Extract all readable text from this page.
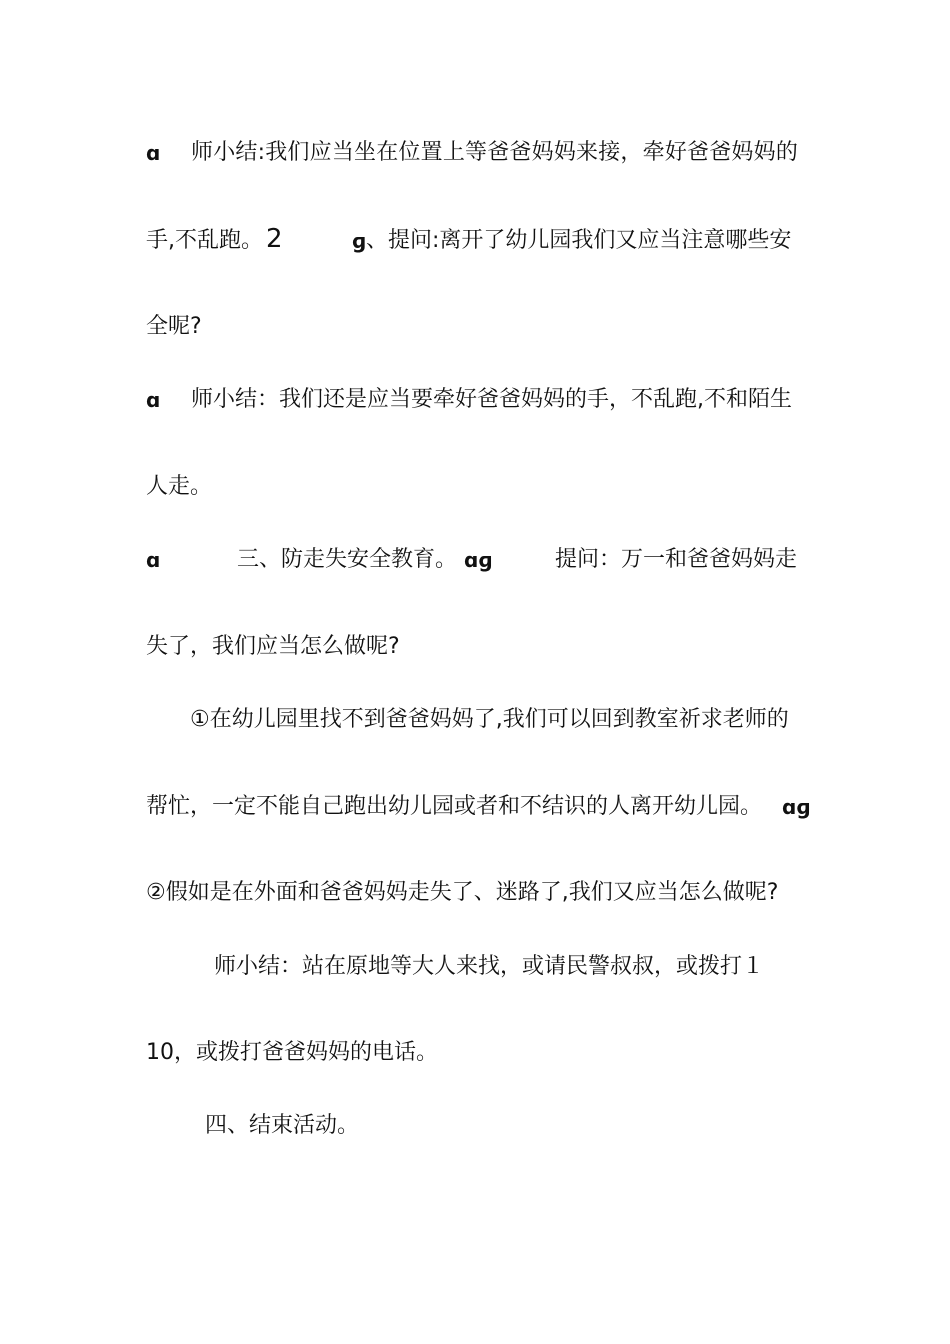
ɑ 师小结:我们应当坐在位置上等爸爸妈妈来接，牵好爸爸妈妈的
手,不乱跑。 2	ɡ 、提问:离开了幼儿园我们又应当注意哪些安
全呢?
ɑ 师小结：我们还是应当要牵好爸爸妈妈的手，不乱跑,不和陌生
人走。
ɑ	三、防走失安全教育。 ɑɡ	提问：万一和爸爸妈妈走
失了，我们应当怎么做呢?
①在幼儿园里找不到爸爸妈妈了,我们可以回到教室祈求老师的
帮忙，一定不能自己跑出幼儿园或者和不结识的人离开幼儿园。 ɑɡ
②假如是在外面和爸爸妈妈走失了、迷路了,我们又应当怎么做呢?
师小结：站在原地等大人来找，或请民警叔叔，或拨打１
10，或拨打爸爸妈妈的电话。
四、结束活动。
